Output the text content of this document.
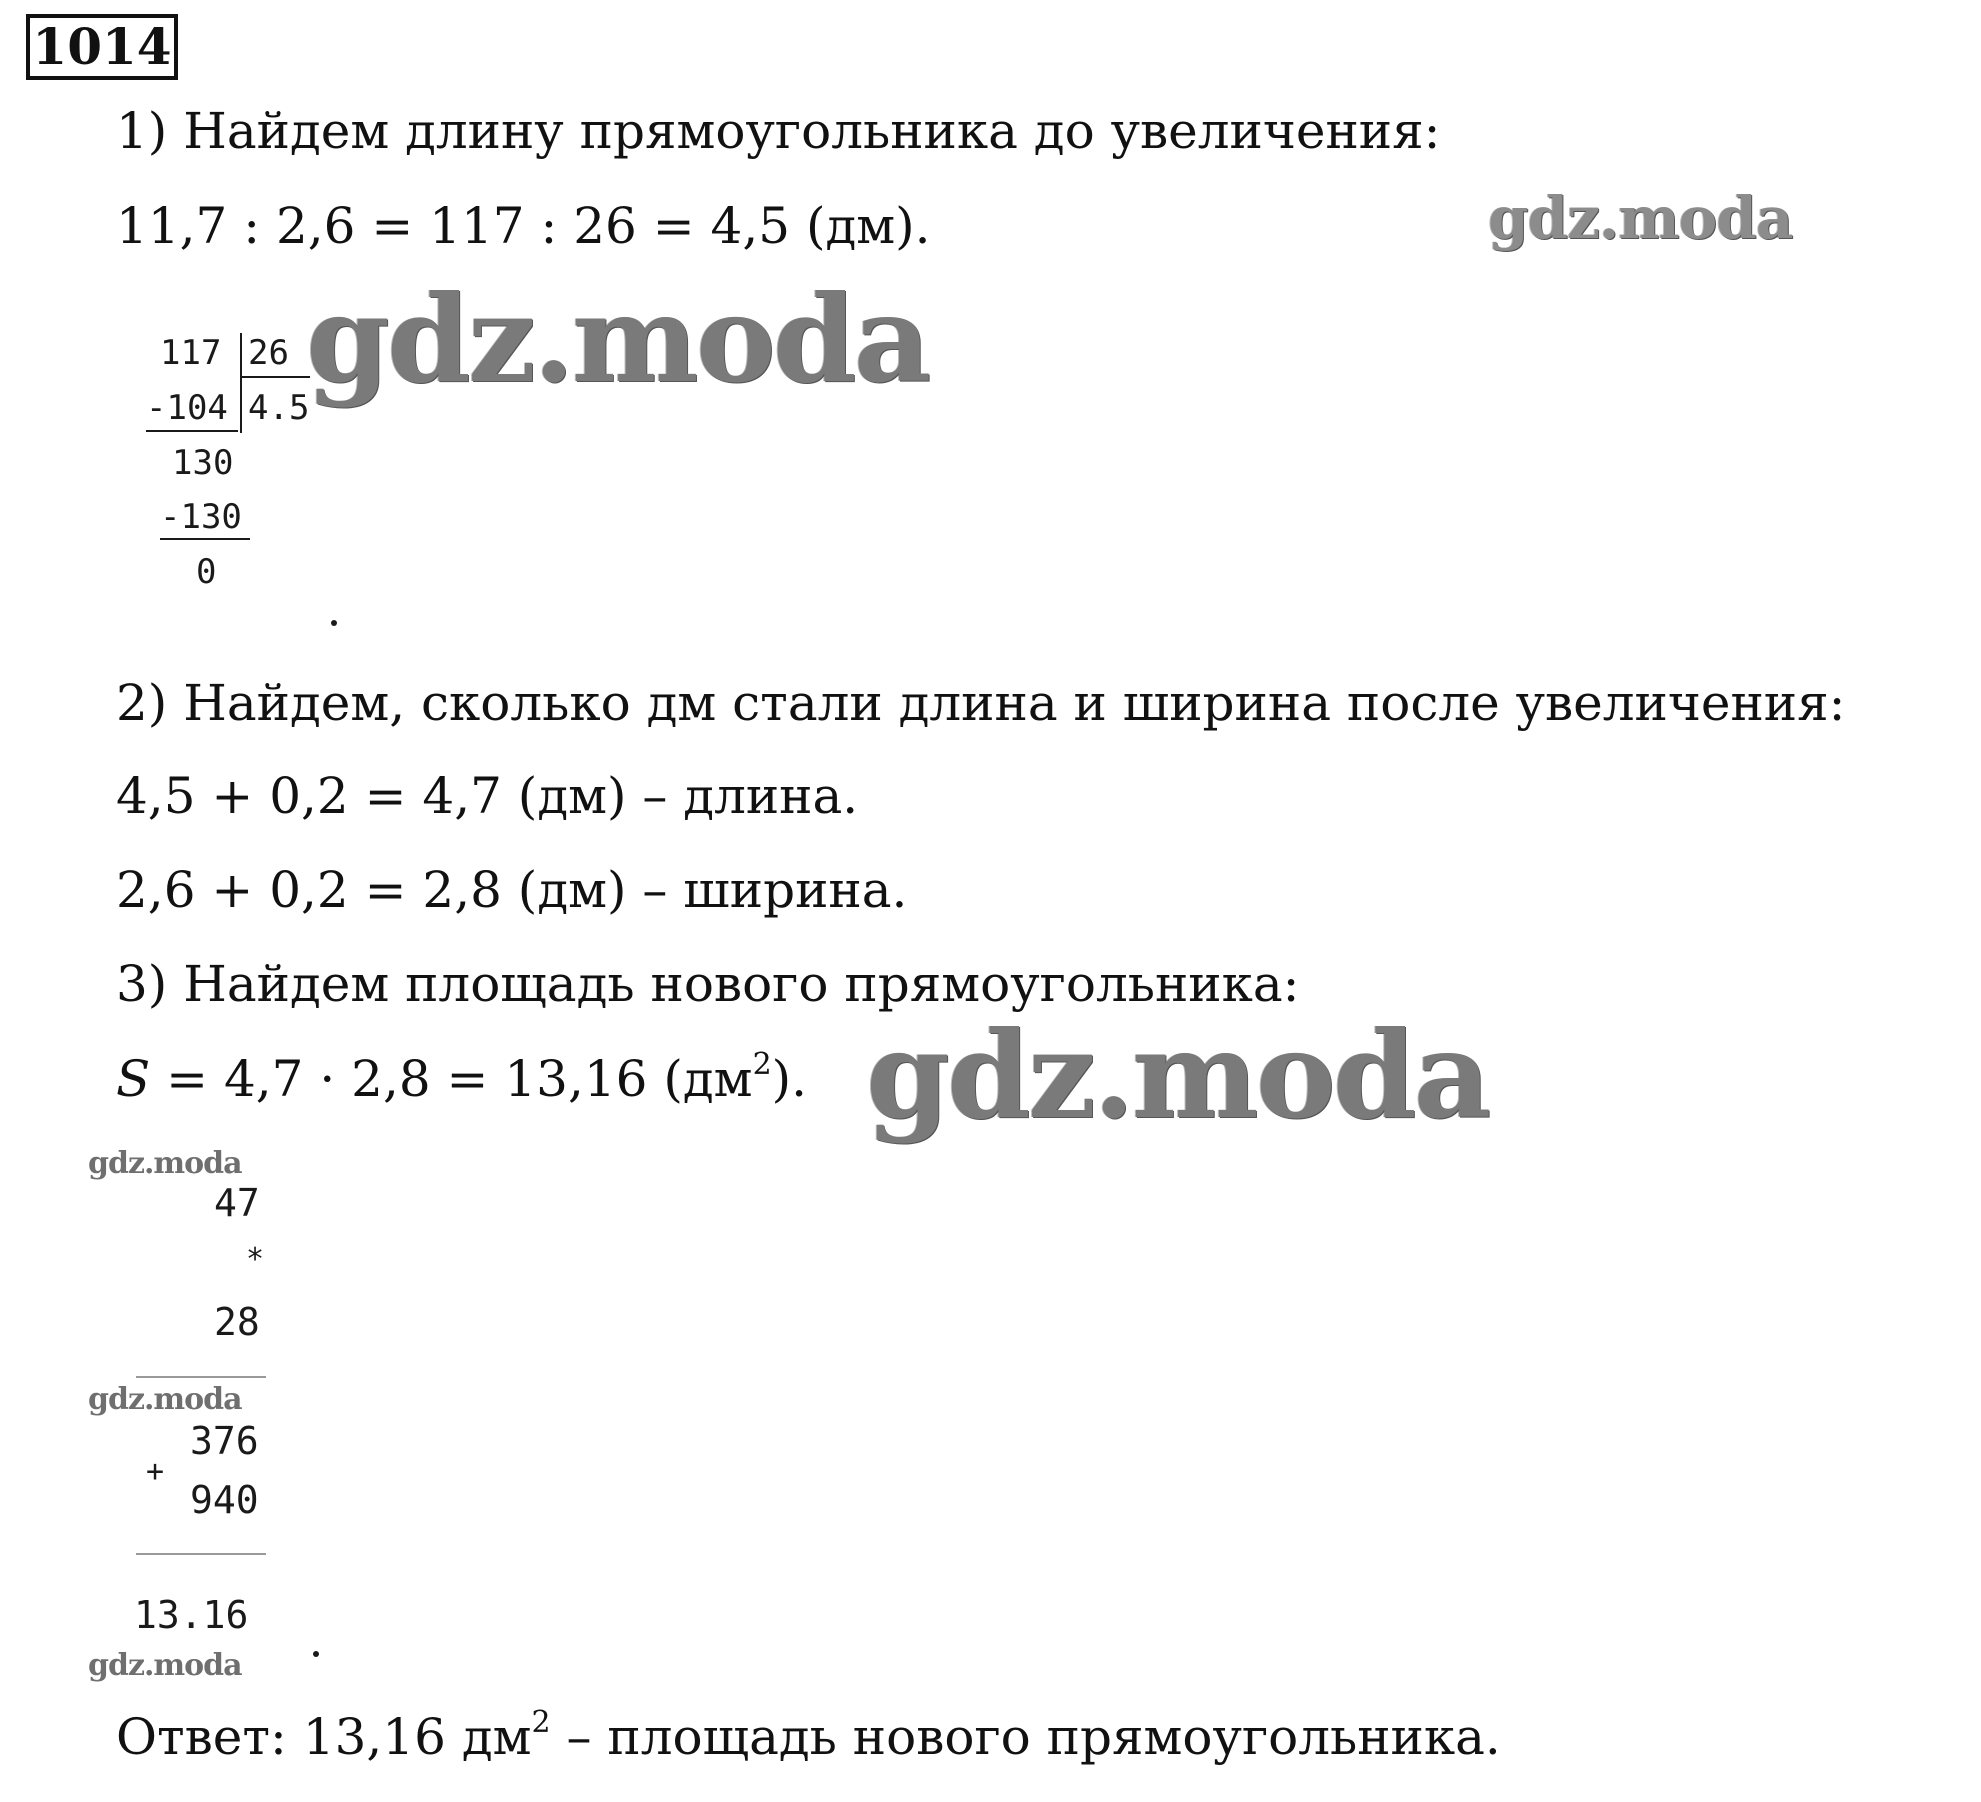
1014
1) Найдем длину прямоугольника до увеличения:
11,7 : 2,6 = 117 : 26 = 4,5 (дм).
117 26
-104 4.5
130
-130
0
2) Найдем, сколько дм стали длина и ширина после увеличения:
4,5 + 0,2 = 4,7 (дм) – длина.
2,6 + 0,2 = 2,8 (дм) – ширина.
3) Найдем площадь нового прямоугольника:
S = 4,7 · 2,8 = 13,16 $(дм^2)$.
47
*
28
376
+
940
13.16
Ответ: 13,16 $дм^2$ – площадь нового прямоугольника.
gdz.moda
gdz.moda
gdz.moda
gdz.moda
gdz.moda
gdz.moda
